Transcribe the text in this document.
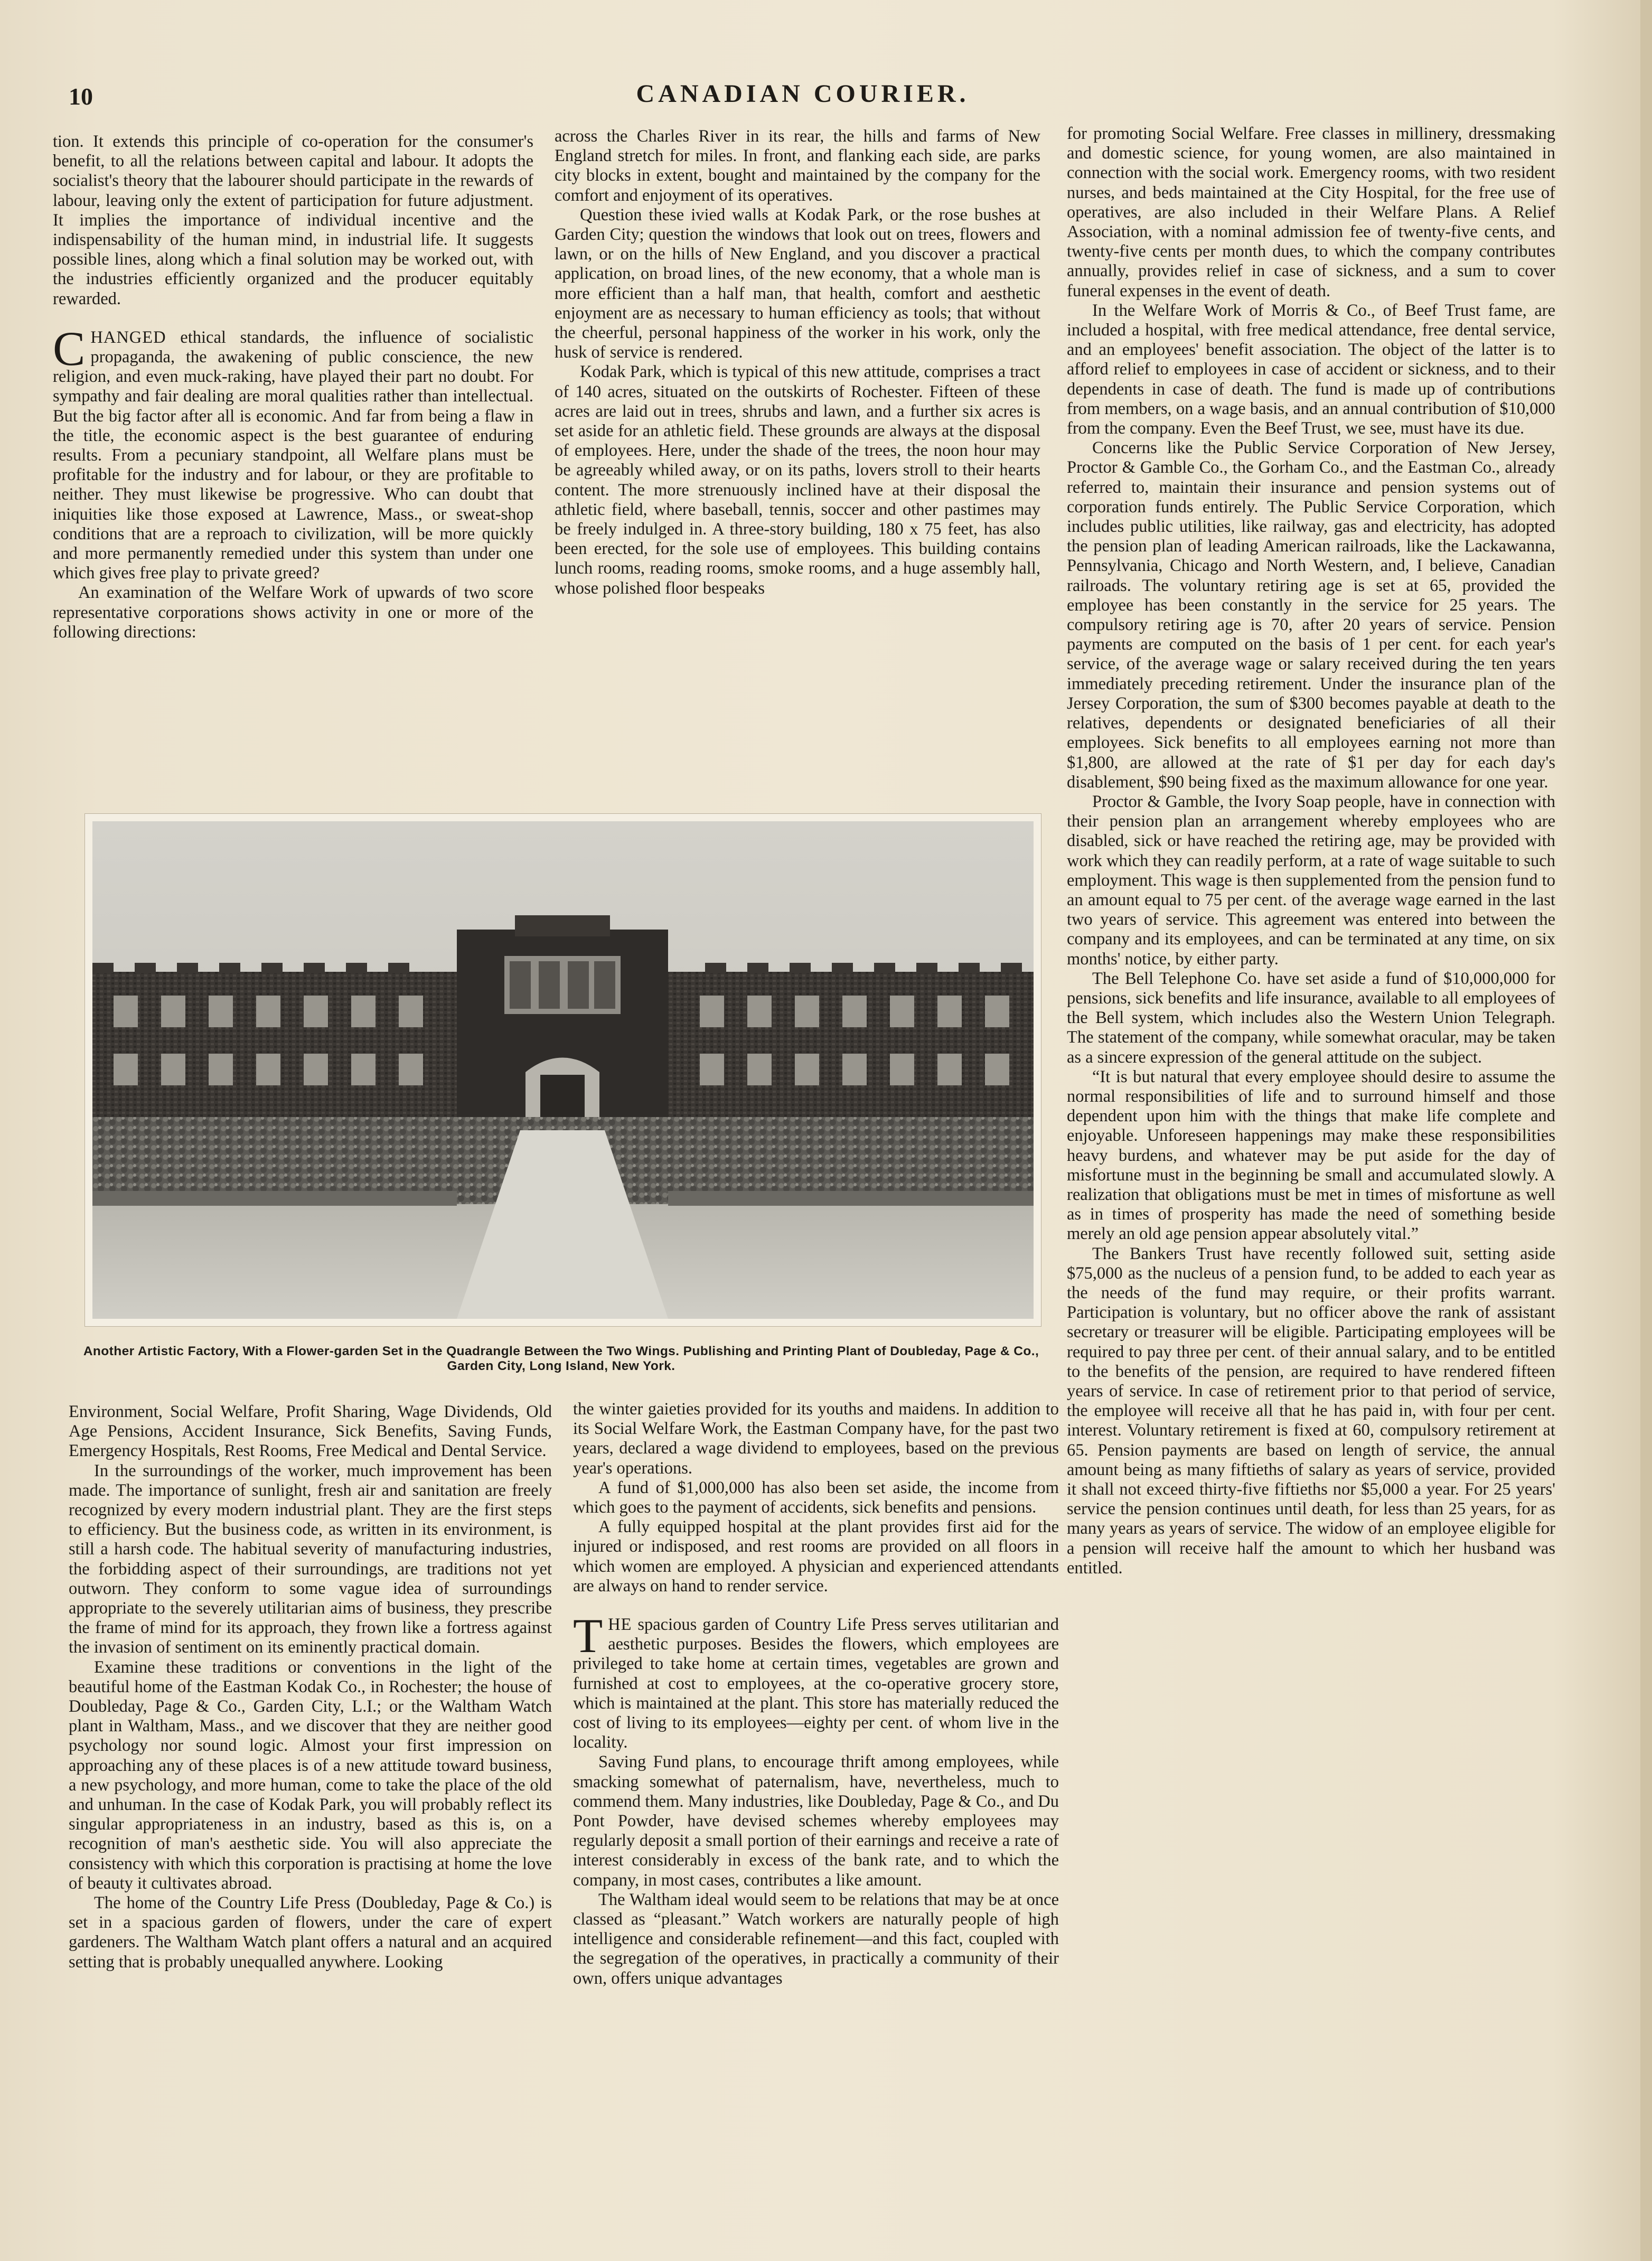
10	CANADIAN COURIER.

tion. It extends this principle of co-operation for the consumer's benefit, to all the relations between capital and labour. It adopts the socialist's theory that the labourer should participate in the rewards of labour, leaving only the extent of participation for future adjustment. It implies the importance of individual incentive and the indispensability of the human mind, in industrial life. It suggests possible lines, along which a final solution may be worked out, with the industries efficiently organized and the producer equitably rewarded.

CHANGED ethical standards, the influence of socialistic propaganda, the awakening of public conscience, the new religion, and even muck-raking, have played their part no doubt. For sympathy and fair dealing are moral qualities rather than intellectual. But the big factor after all is economic. And far from being a flaw in the title, the economic aspect is the best guarantee of enduring results. From a pecuniary standpoint, all Welfare plans must be profitable for the industry and for labour, or they are profitable to neither. They must likewise be progressive. Who can doubt that iniquities like those exposed at Lawrence, Mass., or sweat-shop conditions that are a reproach to civilization, will be more quickly and more permanently remedied under this system than under one which gives free play to private greed?

An examination of the Welfare Work of upwards of two score representative corporations shows activity in one or more of the following directions:

across the Charles River in its rear, the hills and farms of New England stretch for miles. In front, and flanking each side, are parks city blocks in extent, bought and maintained by the company for the comfort and enjoyment of its operatives.

Question these ivied walls at Kodak Park, or the rose bushes at Garden City; question the windows that look out on trees, flowers and lawn, or on the hills of New England, and you discover a practical application, on broad lines, of the new economy, that a whole man is more efficient than a half man, that health, comfort and aesthetic enjoyment are as necessary to human efficiency as tools; that without the cheerful, personal happiness of the worker in his work, only the husk of service is rendered.

Kodak Park, which is typical of this new attitude, comprises a tract of 140 acres, situated on the outskirts of Rochester. Fifteen of these acres are laid out in trees, shrubs and lawn, and a further six acres is set aside for an athletic field. These grounds are always at the disposal of employees. Here, under the shade of the trees, the noon hour may be agreeably whiled away, or on its paths, lovers stroll to their hearts content. The more strenuously inclined have at their disposal the athletic field, where baseball, tennis, soccer and other pastimes may be freely indulged in. A three-story building, 180 x 75 feet, has also been erected, for the sole use of employees. This building contains lunch rooms, reading rooms, smoke rooms, and a huge assembly hall, whose polished floor bespeaks

for promoting Social Welfare. Free classes in millinery, dressmaking and domestic science, for young women, are also maintained in connection with the social work. Emergency rooms, with two resident nurses, and beds maintained at the City Hospital, for the free use of operatives, are also included in their Welfare Plans. A Relief Association, with a nominal admission fee of twenty-five cents, and twenty-five cents per month dues, to which the company contributes annually, provides relief in case of sickness, and a sum to cover funeral expenses in the event of death.

In the Welfare Work of Morris & Co., of Beef Trust fame, are included a hospital, with free medical attendance, free dental service, and an employees' benefit association. The object of the latter is to afford relief to employees in case of accident or sickness, and to their dependents in case of death. The fund is made up of contributions from members, on a wage basis, and an annual contribution of $10,000 from the company. Even the Beef Trust, we see, must have its due.

Concerns like the Public Service Corporation of New Jersey, Proctor & Gamble Co., the Gorham Co., and the Eastman Co., already referred to, maintain their insurance and pension systems out of corporation funds entirely. The Public Service Corporation, which includes public utilities, like railway, gas and electricity, has adopted the pension plan of leading American railroads, like the Lackawanna, Pennsylvania, Chicago and North Western, and, I believe, Canadian railroads. The voluntary retiring age is set at 65, provided the employee has been constantly in the service for 25 years. The compulsory retiring age is 70, after 20 years of service. Pension payments are computed on the basis of 1 per cent. for each year's service, of the average wage or salary received during the ten years immediately preceding retirement. Under the insurance plan of the Jersey Corporation, the sum of $300 becomes payable at death to the relatives, dependents or designated beneficiaries of all their employees. Sick benefits to all employees earning not more than $1,800, are allowed at the rate of $1 per day for each day's disablement, $90 being fixed as the maximum allowance for one year.

Proctor & Gamble, the Ivory Soap people, have in connection with their pension plan an arrangement whereby employees who are disabled, sick or have reached the retiring age, may be provided with work which they can readily perform, at a rate of wage suitable to such employment. This wage is then supplemented from the pension fund to an amount equal to 75 per cent. of the average wage earned in the last two years of service. This agreement was entered into between the company and its employees, and can be terminated at any time, on six months' notice, by either party.

The Bell Telephone Co. have set aside a fund of $10,000,000 for pensions, sick benefits and life insurance, available to all employees of the Bell system, which includes also the Western Union Telegraph. The statement of the company, while somewhat oracular, may be taken as a sincere expression of the general attitude on the subject.

“It is but natural that every employee should desire to assume the normal responsibilities of life and to surround himself and those dependent upon him with the things that make life complete and enjoyable. Unforeseen happenings may make these responsibilities heavy burdens, and whatever may be put aside for the day of misfortune must in the beginning be small and accumulated slowly. A realization that obligations must be met in times of misfortune as well as in times of prosperity has made the need of something beside merely an old age pension appear absolutely vital.”

The Bankers Trust have recently followed suit, setting aside $75,000 as the nucleus of a pension fund, to be added to each year as the needs of the fund may require, or their profits warrant. Participation is voluntary, but no officer above the rank of assistant secretary or treasurer will be eligible. Participating employees will be required to pay three per cent. of their annual salary, and to be entitled to the benefits of the pension, are required to have rendered fifteen years of service. In case of retirement prior to that period of service, the employee will receive all that he has paid in, with four per cent. interest. Voluntary retirement is fixed at 60, compulsory retirement at 65. Pension payments are based on length of service, the annual amount being as many fiftieths of salary as years of service, provided it shall not exceed thirty-five fiftieths nor $5,000 a year. For 25 years' service the pension continues until death, for less than 25 years, for as many years as years of service. The widow of an employee eligible for a pension will receive half the amount to which her husband was entitled.

Another Artistic Factory, With a Flower-garden Set in the Quadrangle Between the Two Wings. Publishing and Printing Plant of Doubleday, Page & Co., Garden City, Long Island, New York.

Environment, Social Welfare, Profit Sharing, Wage Dividends, Old Age Pensions, Accident Insurance, Sick Benefits, Saving Funds, Emergency Hospitals, Rest Rooms, Free Medical and Dental Service.

In the surroundings of the worker, much improvement has been made. The importance of sunlight, fresh air and sanitation are freely recognized by every modern industrial plant. They are the first steps to efficiency. But the business code, as written in its environment, is still a harsh code. The habitual severity of manufacturing industries, the forbidding aspect of their surroundings, are traditions not yet outworn. They conform to some vague idea of surroundings appropriate to the severely utilitarian aims of business, they prescribe the frame of mind for its approach, they frown like a fortress against the invasion of sentiment on its eminently practical domain.

Examine these traditions or conventions in the light of the beautiful home of the Eastman Kodak Co., in Rochester; the house of Doubleday, Page & Co., Garden City, L.I.; or the Waltham Watch plant in Waltham, Mass., and we discover that they are neither good psychology nor sound logic. Almost your first impression on approaching any of these places is of a new attitude toward business, a new psychology, and more human, come to take the place of the old and unhuman. In the case of Kodak Park, you will probably reflect its singular appropriateness in an industry, based as this is, on a recognition of man's aesthetic side. You will also appreciate the consistency with which this corporation is practising at home the love of beauty it cultivates abroad.

The home of the Country Life Press (Doubleday, Page & Co.) is set in a spacious garden of flowers, under the care of expert gardeners. The Waltham Watch plant offers a natural and an acquired setting that is probably unequalled anywhere. Looking

the winter gaieties provided for its youths and maidens. In addition to its Social Welfare Work, the Eastman Company have, for the past two years, declared a wage dividend to employees, based on the previous year's operations.

A fund of $1,000,000 has also been set aside, the income from which goes to the payment of accidents, sick benefits and pensions.

A fully equipped hospital at the plant provides first aid for the injured or indisposed, and rest rooms are provided on all floors in which women are employed. A physician and experienced attendants are always on hand to render service.

THE spacious garden of Country Life Press serves utilitarian and aesthetic purposes. Besides the flowers, which employees are privileged to take home at certain times, vegetables are grown and furnished at cost to employees, at the co-operative grocery store, which is maintained at the plant. This store has materially reduced the cost of living to its employees—eighty per cent. of whom live in the locality.

Saving Fund plans, to encourage thrift among employees, while smacking somewhat of paternalism, have, nevertheless, much to commend them. Many industries, like Doubleday, Page & Co., and Du Pont Powder, have devised schemes whereby employees may regularly deposit a small portion of their earnings and receive a rate of interest considerably in excess of the bank rate, and to which the company, in most cases, contributes a like amount.

The Waltham ideal would seem to be relations that may be at once classed as “pleasant.” Watch workers are naturally people of high intelligence and considerable refinement—and this fact, coupled with the segregation of the operatives, in practically a community of their own, offers unique advantages
